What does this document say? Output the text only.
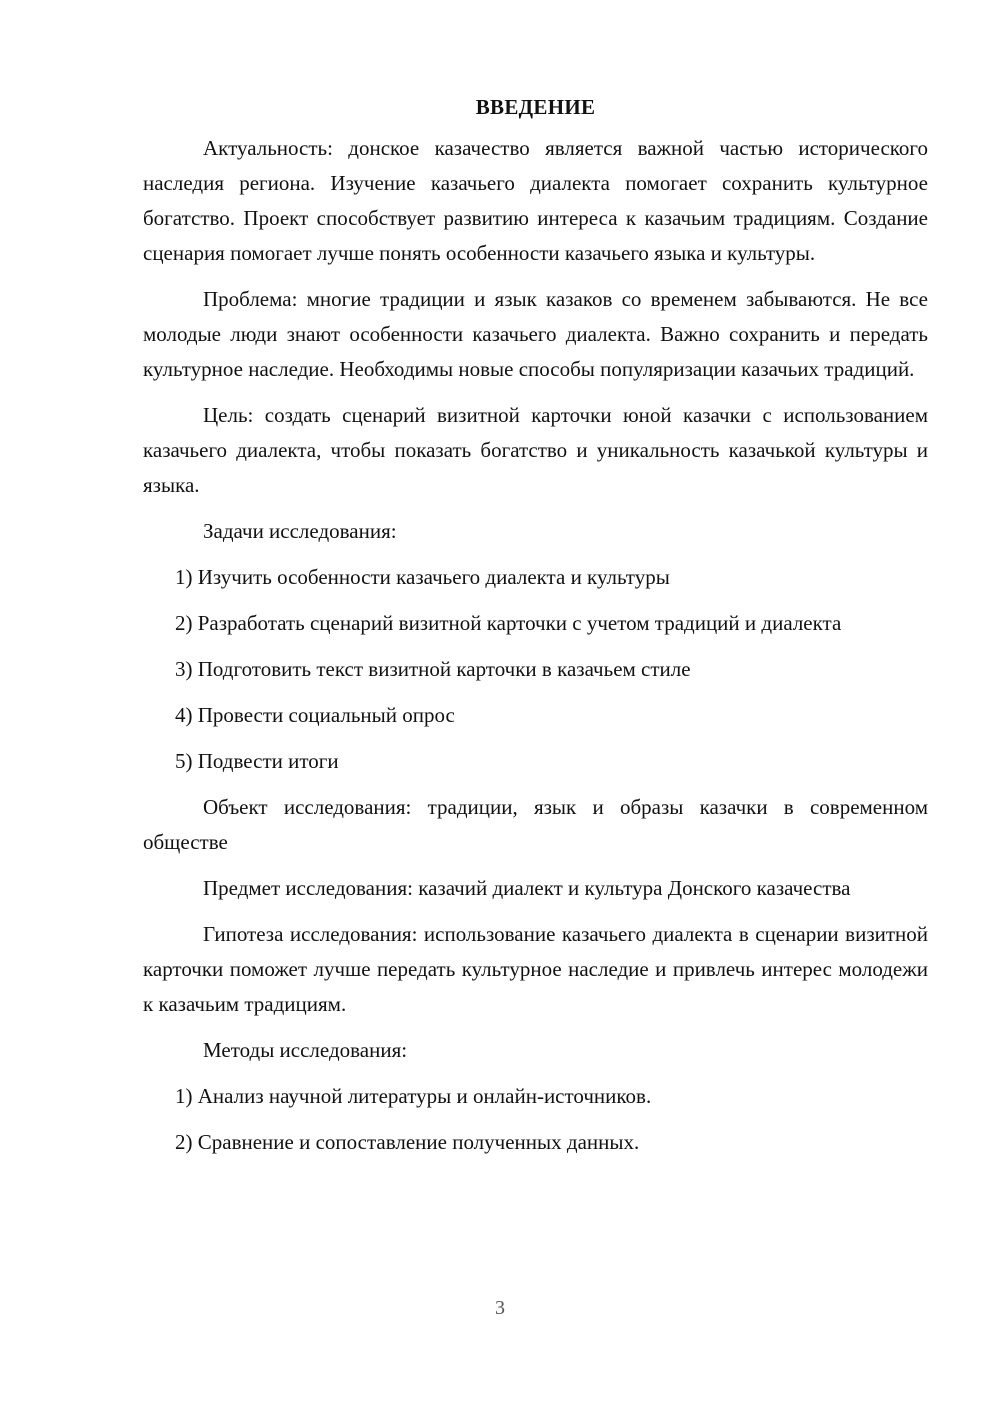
ВВЕДЕНИЕ
Актуальность: донское казачество является важной частью исторического наследия региона. Изучение казачьего диалекта помогает сохранить культурное богатство. Проект способствует развитию интереса к казачьим традициям. Создание сценария помогает лучше понять особенности казачьего языка и культуры.
Проблема: многие традиции и язык казаков со временем забываются. Не все молодые люди знают особенности казачьего диалекта. Важно сохранить и передать культурное наследие. Необходимы новые способы популяризации казачьих традиций.
Цель: создать сценарий визитной карточки юной казачки с использованием казачьего диалекта, чтобы показать богатство и уникальность казачькой культуры и языка.
Задачи исследования:
1) Изучить особенности казачьего диалекта и культуры
2) Разработать сценарий визитной карточки с учетом традиций и диалекта
3) Подготовить текст визитной карточки в казачьем стиле
4) Провести социальный опрос
5) Подвести итоги
Объект исследования: традиции, язык и образы казачки в современном обществе
Предмет исследования: казачий диалект и культура Донского казачества
Гипотеза исследования: использование казачьего диалекта в сценарии визитной карточки поможет лучше передать культурное наследие и привлечь интерес молодежи к казачьим традициям.
Методы исследования:
1) Анализ научной литературы и онлайн-источников.
2) Сравнение и сопоставление полученных данных.
3
